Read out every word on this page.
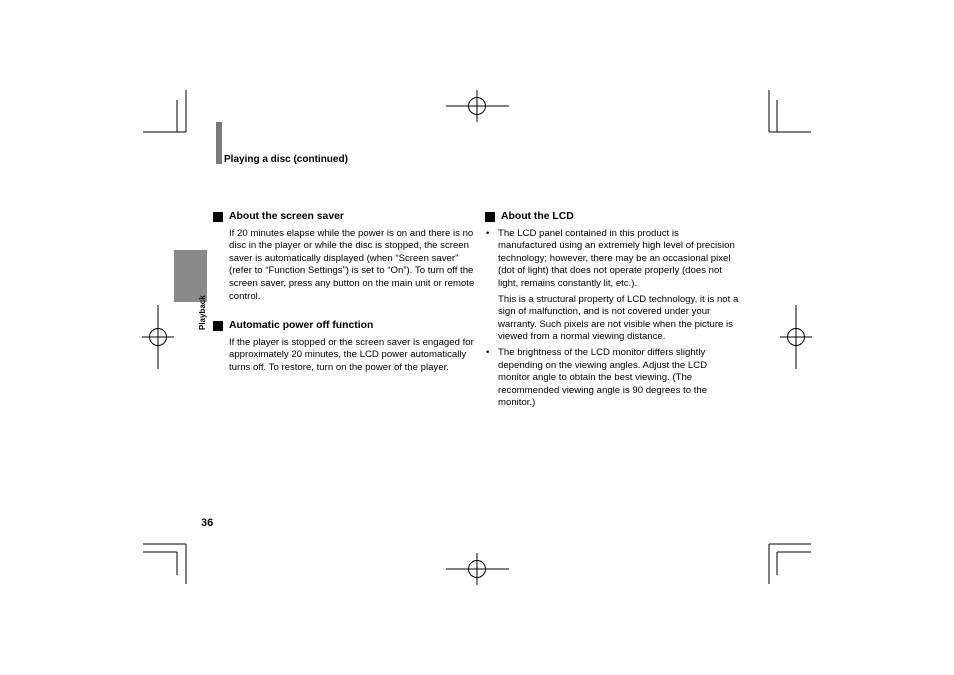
Playing a disc (continued)
Playback
About the screen saver

If 20 minutes elapse while the power is on and there is no disc in the player or while the disc is stopped, the screen saver is automatically displayed (when “Screen saver” (refer to “Function Settings”) is set to “On”). To turn off the screen saver, press any button on the main unit or remote control.

Automatic power off function

If the player is stopped or the screen saver is engaged for approximately 20 minutes, the LCD power automatically turns off. To restore, turn on the power of the player.

About the LCD
• The LCD panel contained in this product is manufactured using an extremely high level of precision technology; however, there may be an occasional pixel (dot of light) that does not operate properly (does not light, remains constantly lit, etc.).

This is a structural property of LCD technology, it is not a sign of malfunction, and is not covered under your warranty. Such pixels are not visible when the picture is viewed from a normal viewing distance.

• The brightness of the LCD monitor differs slightly depending on the viewing angles. Adjust the LCD monitor angle to obtain the best viewing. (The recommended viewing angle is 90 degrees to the monitor.)

36
